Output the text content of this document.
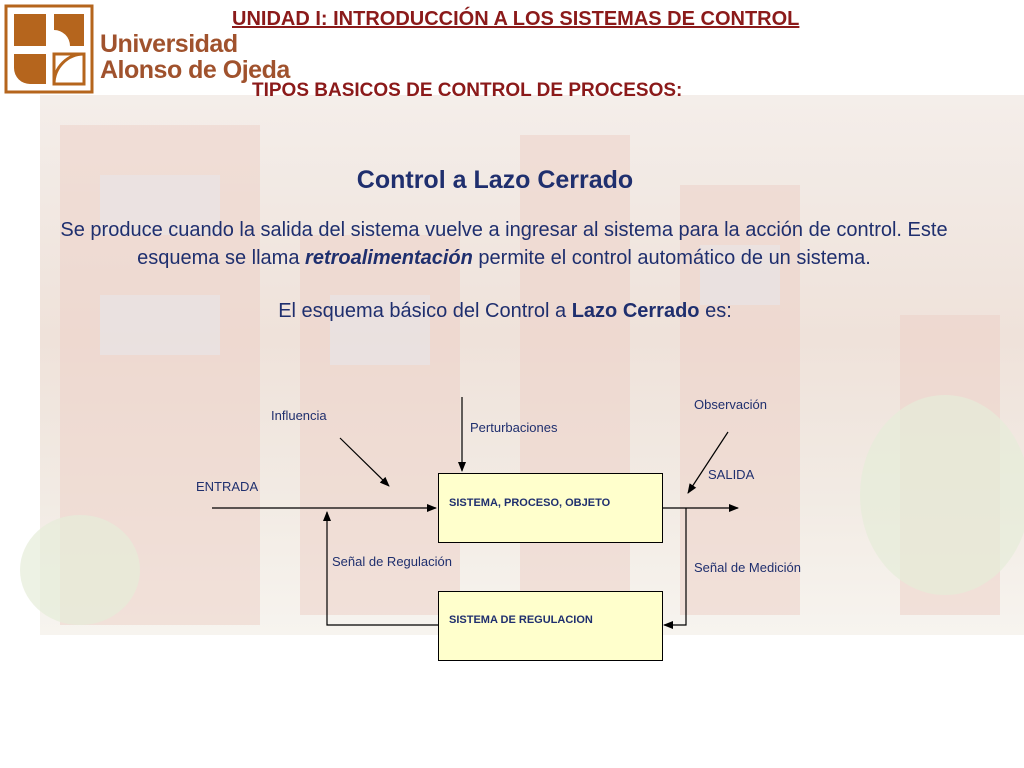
Universidad
Alonso de Ojeda
UNIDAD I: INTRODUCCIÓN A LOS SISTEMAS DE CONTROL
TIPOS BASICOS DE CONTROL DE PROCESOS:
Control a Lazo Cerrado
Se produce cuando la salida del sistema vuelve a ingresar al sistema para la acción de control. Este esquema se llama retroalimentación permite el control automático de un sistema.
El esquema básico del Control a Lazo Cerrado es:
SISTEMA, PROCESO, OBJETO
SISTEMA DE REGULACION
Influencia
Perturbaciones
Observación
SALIDA
ENTRADA
Señal de Regulación	Señal de Medición
